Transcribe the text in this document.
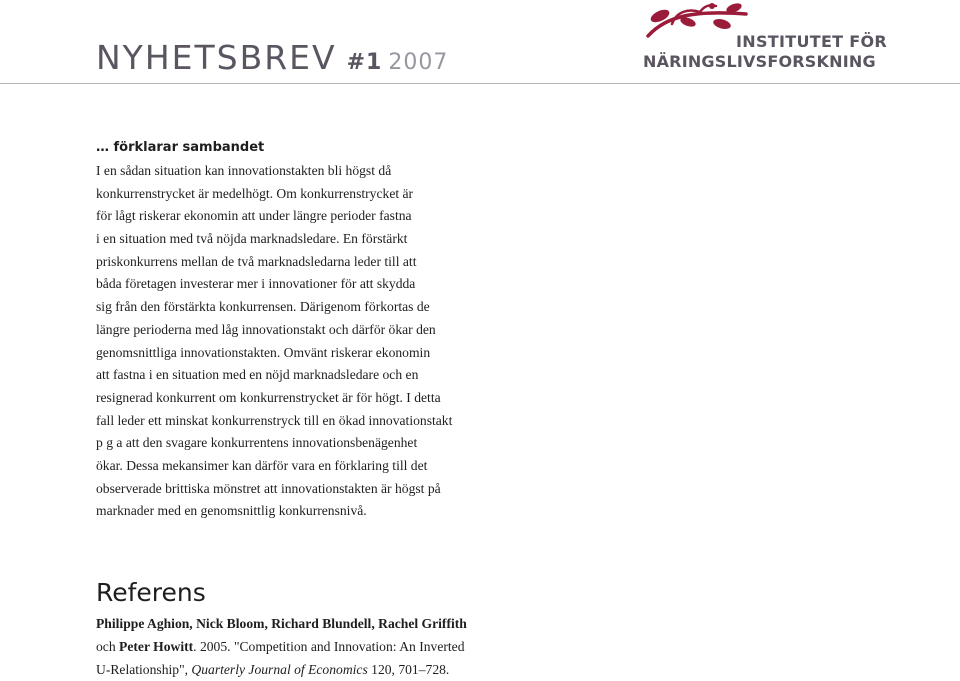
NYHETSBREV #1 2007
INSTITUTET FÖR
NÄRINGSLIVSFORSKNING
… förklarar sambandet
I en sådan situation kan innovationstakten bli högst då
konkurrenstrycket är medelhögt. Om konkurrenstrycket är
för lågt riskerar ekonomin att under längre perioder fastna
i en situation med två nöjda marknadsledare. En förstärkt
priskonkurrens mellan de två marknadsledarna leder till att
båda företagen investerar mer i innovationer för att skydda
sig från den förstärkta konkurrensen. Därigenom förkortas de
längre perioderna med låg innovationstakt och därför ökar den
genomsnittliga innovationstakten. Omvänt riskerar ekonomin
att fastna i en situation med en nöjd marknadsledare och en
resignerad konkurrent om konkurrenstrycket är för högt. I detta
fall leder ett minskat konkurrenstryck till en ökad innovationstakt
p g a att den svagare konkurrentens innovationsbenägenhet
ökar. Dessa mekansimer kan därför vara en förklaring till det
observerade brittiska mönstret att innovationstakten är högst på
marknader med en genomsnittlig konkurrensnivå.
Referens
Philippe Aghion, Nick Bloom, Richard Blundell, Rachel Griffith
och Peter Howitt. 2005. "Competition and Innovation: An Inverted
U-Relationship", Quarterly Journal of Economics 120, 701–728.
